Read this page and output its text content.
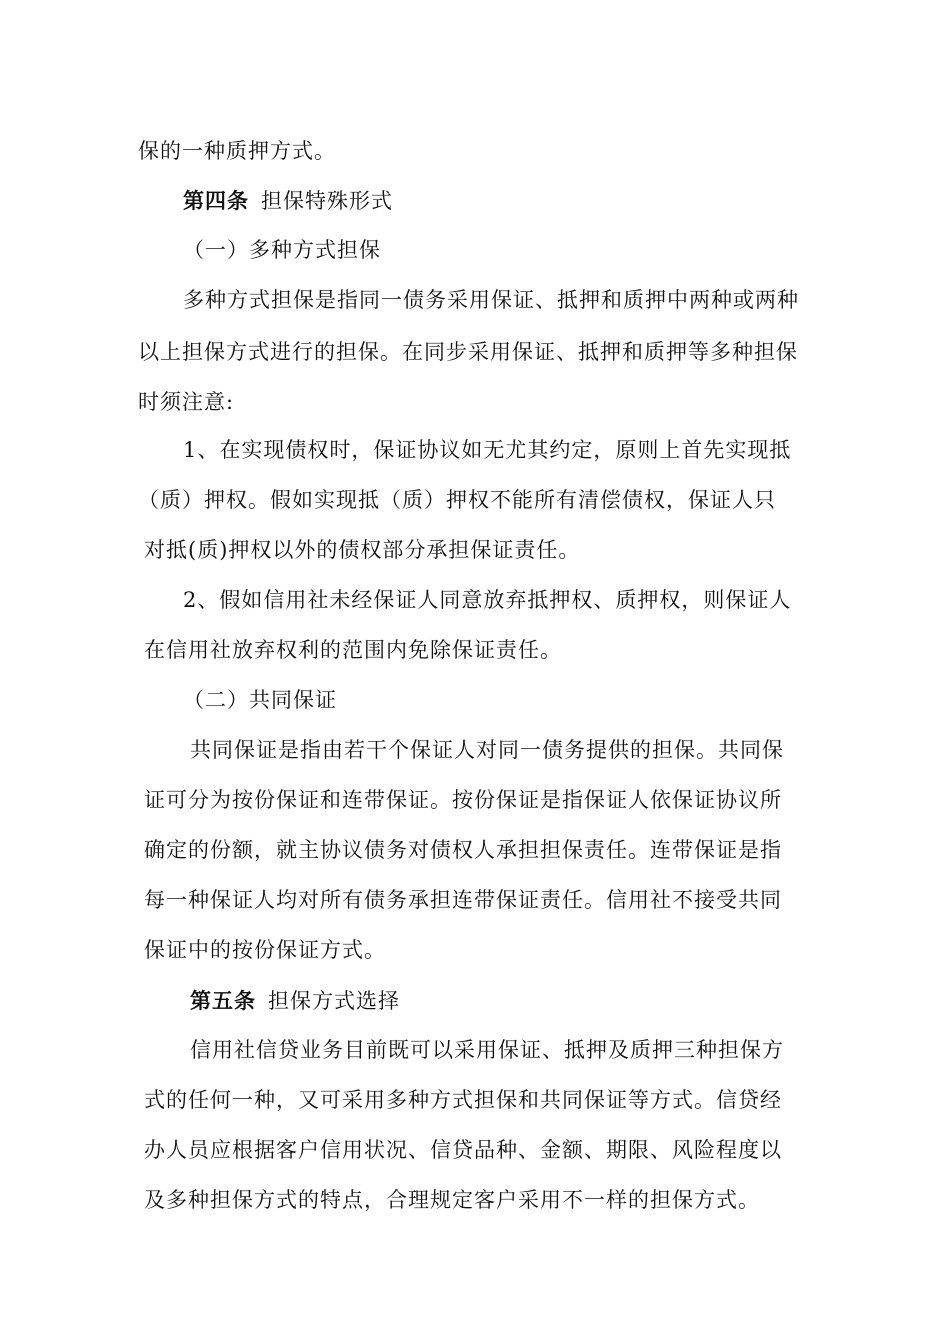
保的一种质押方式。
第四条 担保特殊形式
（一）多种方式担保
多种方式担保是指同一债务采用保证、抵押和质押中两种或两种
以上担保方式进行的担保。在同步采用保证、抵押和质押等多种担保
时须注意:
1、在实现债权时，保证协议如无尤其约定，原则上首先实现抵
（质）押权。假如实现抵（质）押权不能所有清偿债权，保证人只
对抵(质)押权以外的债权部分承担保证责任。
2、假如信用社未经保证人同意放弃抵押权、质押权，则保证人
在信用社放弃权利的范围内免除保证责任。
（二）共同保证
共同保证是指由若干个保证人对同一债务提供的担保。共同保
证可分为按份保证和连带保证。按份保证是指保证人依保证协议所
确定的份额，就主协议债务对债权人承担担保责任。连带保证是指
每一种保证人均对所有债务承担连带保证责任。信用社不接受共同
保证中的按份保证方式。
第五条 担保方式选择
信用社信贷业务目前既可以采用保证、抵押及质押三种担保方
式的任何一种，又可采用多种方式担保和共同保证等方式。信贷经
办人员应根据客户信用状况、信贷品种、金额、期限、风险程度以
及多种担保方式的特点，合理规定客户采用不一样的担保方式。
